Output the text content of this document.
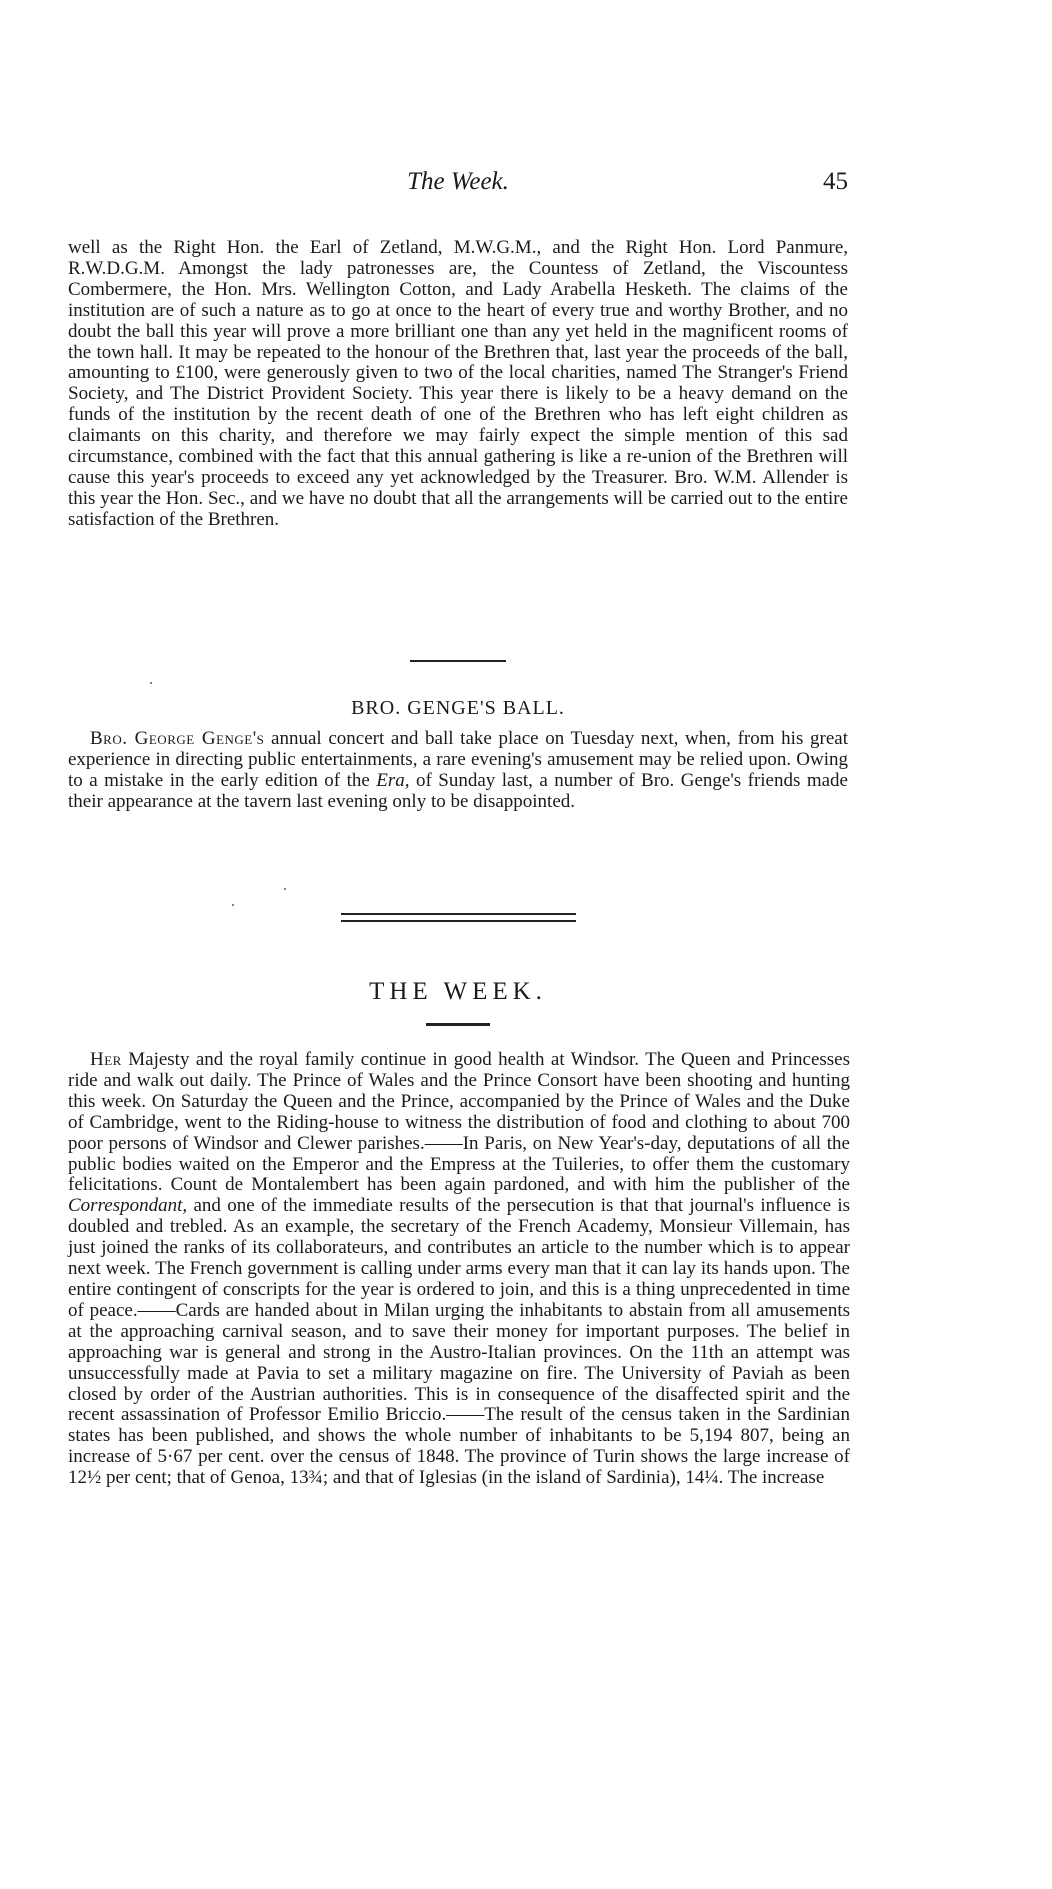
The Week.	45

well as the Right Hon. the Earl of Zetland, M.W.G.M., and the Right Hon. Lord Panmure, R.W.D.G.M. Amongst the lady patronesses are, the Countess of Zetland, the Viscountess Combermere, the Hon. Mrs. Wellington Cotton, and Lady Arabella Hesketh. The claims of the institution are of such a nature as to go at once to the heart of every true and worthy Brother, and no doubt the ball this year will prove a more brilliant one than any yet held in the magnificent rooms of the town hall. It may be repeated to the honour of the Brethren that, last year the proceeds of the ball, amounting to £100, were generously given to two of the local charities, named The Stranger's Friend Society, and The District Provident Society. This year there is likely to be a heavy demand on the funds of the institution by the recent death of one of the Brethren who has left eight children as claimants on this charity, and therefore we may fairly expect the simple mention of this sad circumstance, combined with the fact that this annual gathering is like a re-union of the Brethren will cause this year's proceeds to exceed any yet acknowledged by the Treasurer. Bro. W.M. Allender is this year the Hon. Sec., and we have no doubt that all the arrangements will be carried out to the entire satisfaction of the Brethren.

BRO. GENGE'S BALL.

Bro. George Genge's annual concert and ball take place on Tuesday next, when, from his great experience in directing public entertainments, a rare evening's amusement may be relied upon. Owing to a mistake in the early edition of the Era, of Sunday last, a number of Bro. Genge's friends made their appearance at the tavern last evening only to be disappointed.

THE WEEK.

Her Majesty and the royal family continue in good health at Windsor. The Queen and Princesses ride and walk out daily. The Prince of Wales and the Prince Consort have been shooting and hunting this week. On Saturday the Queen and the Prince, accompanied by the Prince of Wales and the Duke of Cambridge, went to the Riding-house to witness the distribution of food and clothing to about 700 poor persons of Windsor and Clewer parishes.——In Paris, on New Year's-day, deputations of all the public bodies waited on the Emperor and the Empress at the Tuileries, to offer them the customary felicitations. Count de Montalembert has been again pardoned, and with him the publisher of the Correspondant, and one of the immediate results of the persecution is that that journal's influence is doubled and trebled. As an example, the secretary of the French Academy, Monsieur Villemain, has just joined the ranks of its collaborateurs, and contributes an article to the number which is to appear next week. The French government is calling under arms every man that it can lay its hands upon. The entire contingent of conscripts for the year is ordered to join, and this is a thing unprecedented in time of peace.——Cards are handed about in Milan urging the inhabitants to abstain from all amusements at the approaching carnival season, and to save their money for important purposes. The belief in approaching war is general and strong in the Austro-Italian provinces. On the 11th an attempt was unsuccessfully made at Pavia to set a military magazine on fire. The University of Paviah as been closed by order of the Austrian authorities. This is in consequence of the disaffected spirit and the recent assassination of Professor Emilio Briccio.——The result of the census taken in the Sardinian states has been published, and shows the whole number of inhabitants to be 5,194 807, being an increase of 5·67 per cent. over the census of 1848. The province of Turin shows the large increase of 12½ per cent; that of Genoa, 13¾; and that of Iglesias (in the island of Sardinia), 14¼. The increase
